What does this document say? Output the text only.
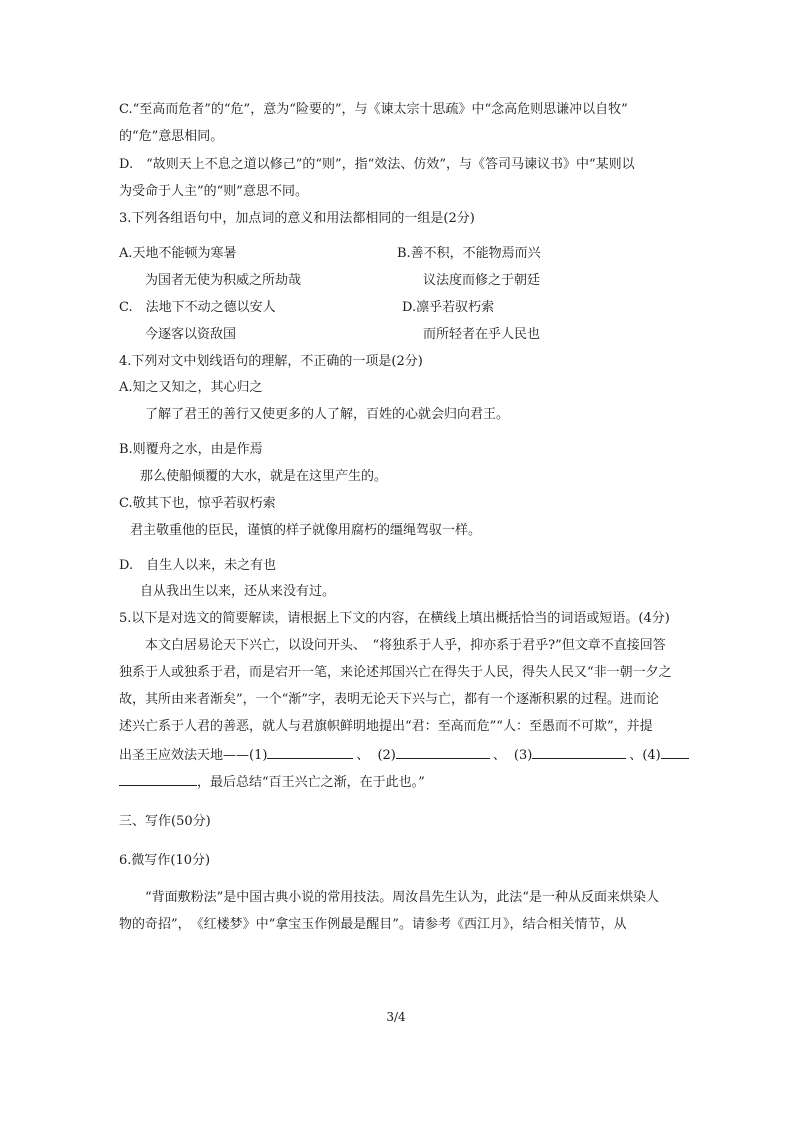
C.“至高而危者”的“危”，意为“险要的”，与《谏太宗十思疏》中“念高危则思谦冲以自牧”
的“危”意思相同。
D.　“故则天上不息之道以修己”的“则”，指“效法、仿效”，与《答司马谏议书》中“某则以
为受命于人主”的“则”意思不同。
3.下列各组语句中，加点词的意义和用法都相同的一组是(2分)
A.天地不能顿为寒暑
为国者无使为积威之所劫哉
B.善不积，不能物焉而兴
议法度而修之于朝廷
C.　法地下不动之德以安人
今逐客以资敌国
D.凛乎若驭朽索
而所轻者在乎人民也
4.下列对文中划线语句的理解，不正确的一项是(2分)
A.知之又知之，其心归之
了解了君王的善行又使更多的人了解，百姓的心就会归向君王。
B.则覆舟之水，由是作焉
那么使船倾覆的大水，就是在这里产生的。
C.敬其下也，惊乎若驭朽索
君主敬重他的臣民，谨慎的样子就像用腐朽的缰绳驾驭一样。
D.　自生人以来，未之有也
自从我出生以来，还从来没有过。
5.以下是对选文的简要解读，请根据上下文的内容，在横线上填出概括恰当的词语或短语。(4分)
本文白居易论天下兴亡，以设问开头、　“将独系于人乎，抑亦系于君乎?”但文章不直接回答
独系于人或独系于君，而是宕开一笔，来论述邦国兴亡在得失于人民，得失人民又“非一朝一夕之
故，其所由来者渐矣”，一个“渐”字，表明无论天下兴与亡，都有一个逐渐积累的过程。进而论
述兴亡系于人君的善恶，就人与君旗帜鲜明地提出“君：至高而危”“人：至愚而不可欺”，并提
出圣王应效法天地——(1)	、 (2)	、 (3)	、(4)
，最后总结“百王兴亡之渐，在于此也。”
三、写作(50分)
6.微写作(10分)
“背面敷粉法”是中国古典小说的常用技法。周汝昌先生认为，此法“是一种从反面来烘染人
物的奇招”，　《红楼梦》中“拿宝玉作例最是醒目”。请参考《西江月》，结合相关情节，从
3/4
